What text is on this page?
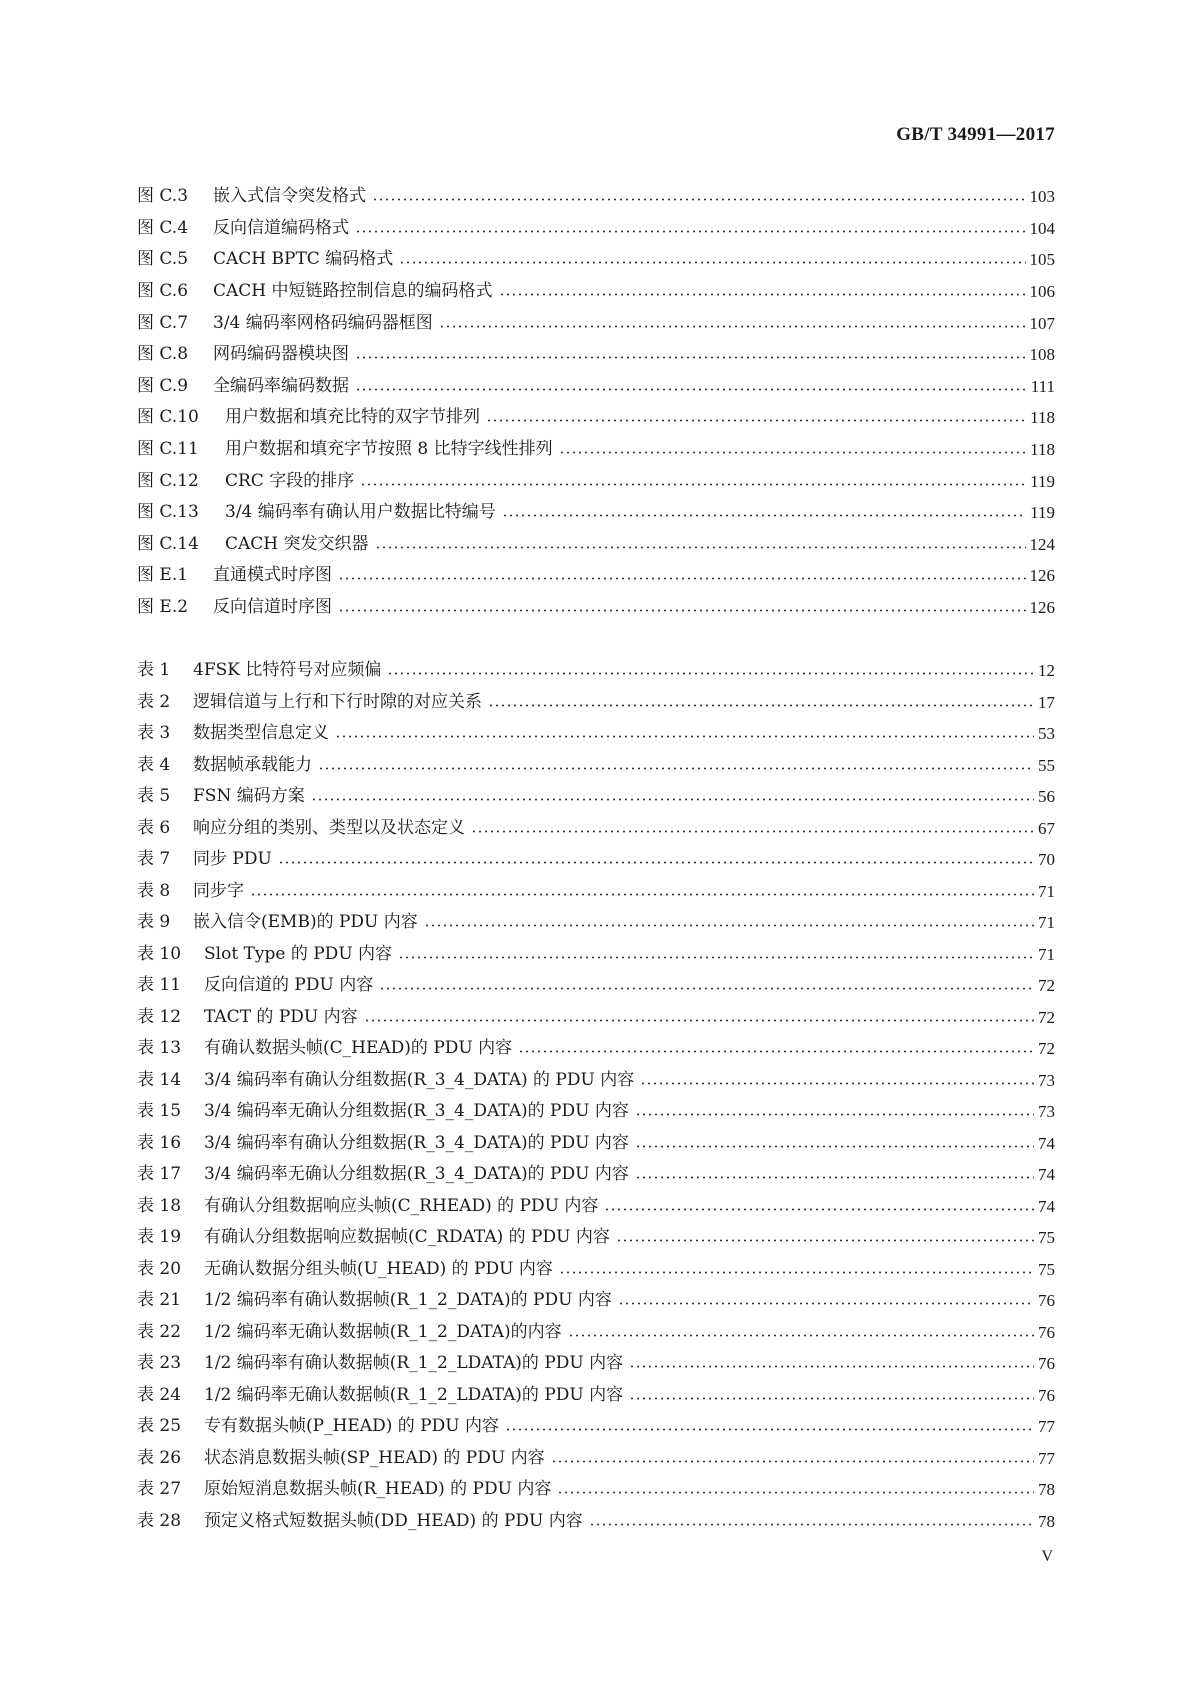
GB/T 34991—2017
图 C.3	嵌入式信令突发格式	103
图 C.4	反向信道编码格式	104
图 C.5	CACH BPTC 编码格式	105
图 C.6	CACH 中短链路控制信息的编码格式	106
图 C.7	3/4 编码率网格码编码器框图	107
图 C.8	网码编码器模块图	108
图 C.9	全编码率编码数据	111
图 C.10	用户数据和填充比特的双字节排列	118
图 C.11	用户数据和填充字节按照 8 比特字线性排列	118
图 C.12	CRC 字段的排序	119
图 C.13	3/4 编码率有确认用户数据比特编号	119
图 C.14	CACH 突发交织器	124
图 E.1	直通模式时序图	126
图 E.2	反向信道时序图	126
表 1	4FSK 比特符号对应频偏	12
表 2	逻辑信道与上行和下行时隙的对应关系	17
表 3	数据类型信息定义	53
表 4	数据帧承载能力	55
表 5	FSN 编码方案	56
表 6	响应分组的类别、类型以及状态定义	67
表 7	同步 PDU	70
表 8	同步字	71
表 9	嵌入信令(EMB)的 PDU 内容	71
表 10	Slot Type 的 PDU 内容	71
表 11	反向信道的 PDU 内容	72
表 12	TACT 的 PDU 内容	72
表 13	有确认数据头帧(C_HEAD)的 PDU 内容	72
表 14	3/4 编码率有确认分组数据(R_3_4_DATA) 的 PDU 内容	73
表 15	3/4 编码率无确认分组数据(R_3_4_DATA)的 PDU 内容	73
表 16	3/4 编码率有确认分组数据(R_3_4_DATA)的 PDU 内容	74
表 17	3/4 编码率无确认分组数据(R_3_4_DATA)的 PDU 内容	74
表 18	有确认分组数据响应头帧(C_RHEAD) 的 PDU 内容	74
表 19	有确认分组数据响应数据帧(C_RDATA) 的 PDU 内容	75
表 20	无确认数据分组头帧(U_HEAD) 的 PDU 内容	75
表 21	1/2 编码率有确认数据帧(R_1_2_DATA)的 PDU 内容	76
表 22	1/2 编码率无确认数据帧(R_1_2_DATA)的内容	76
表 23	1/2 编码率有确认数据帧(R_1_2_LDATA)的 PDU 内容	76
表 24	1/2 编码率无确认数据帧(R_1_2_LDATA)的 PDU 内容	76
表 25	专有数据头帧(P_HEAD) 的 PDU 内容	77
表 26	状态消息数据头帧(SP_HEAD) 的 PDU 内容	77
表 27	原始短消息数据头帧(R_HEAD) 的 PDU 内容	78
表 28	预定义格式短数据头帧(DD_HEAD) 的 PDU 内容	78
V
